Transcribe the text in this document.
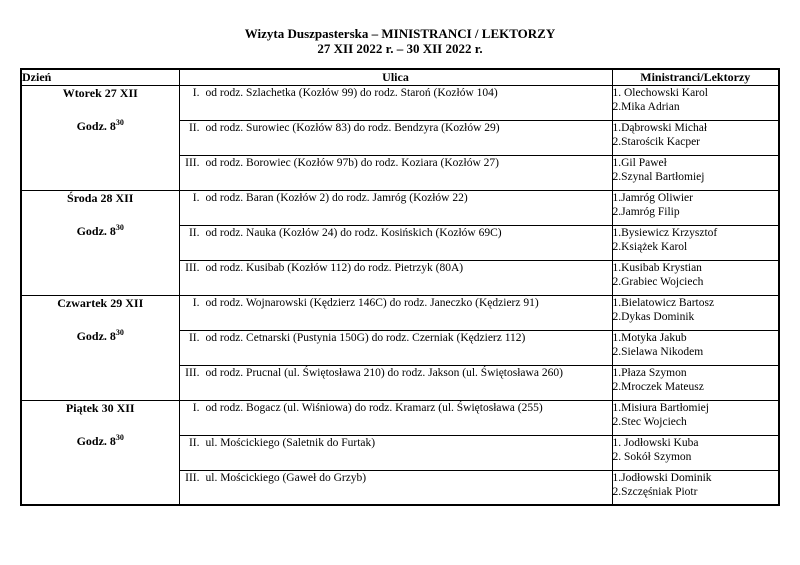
Wizyta Duszpasterska – MINISTRANCI / LEKTORZY
27 XII 2022 r. – 30 XII 2022 r.
Dzień	Ulica	Ministranci/Lektorzy

Wtorek 27 XII
Godz. $8^{30}$
	I. od rodz. Szlachetka (Kozłów 99) do rodz. Staroń (Kozłów 104)	1. Olechowski Karol
2.Mika Adrian

	II. od rodz. Surowiec (Kozłów 83) do rodz. Bendzyra (Kozłów 29)	1.Dąbrowski Michał
2.Starościk Kacper

	III. od rodz. Borowiec (Kozłów 97b) do rodz. Koziara (Kozłów 27)	1.Gil Paweł
2.Szynal Bartłomiej

Środa 28 XII
Godz. $8^{30}$
	I. od rodz. Baran (Kozłów 2) do rodz. Jamróg (Kozłów 22)	1.Jamróg Oliwier
2.Jamróg Filip

	II. od rodz. Nauka (Kozłów 24) do rodz. Kosińskich (Kozłów 69C)	1.Bysiewicz Krzysztof
2.Książek Karol

	III. od rodz. Kusibab (Kozłów 112) do rodz. Pietrzyk (80A)	1.Kusibab Krystian
2.Grabiec Wojciech

Czwartek 29 XII
Godz. $8^{30}$
	I. od rodz. Wojnarowski (Kędzierz 146C) do rodz. Janeczko (Kędzierz 91)	1.Bielatowicz Bartosz
2.Dykas Dominik

	II. od rodz. Cetnarski (Pustynia 150G) do rodz. Czerniak (Kędzierz 112)	1.Motyka Jakub
2.Sielawa Nikodem

	III. od rodz. Prucnal (ul. Świętosława 210) do rodz. Jakson (ul. Świętosława 260)	1.Płaza Szymon
2.Mroczek Mateusz

Piątek 30 XII
Godz. $8^{30}$
	I. od rodz. Bogacz (ul. Wiśniowa) do rodz. Kramarz (ul. Świętosława (255)	1.Misiura Bartłomiej
2.Stec Wojciech

	II. ul. Mościckiego (Saletnik do Furtak)	1. Jodłowski Kuba
2. Sokół Szymon

	III. ul. Mościckiego (Gaweł do Grzyb)	1.Jodłowski Dominik
2.Szczęśniak Piotr
